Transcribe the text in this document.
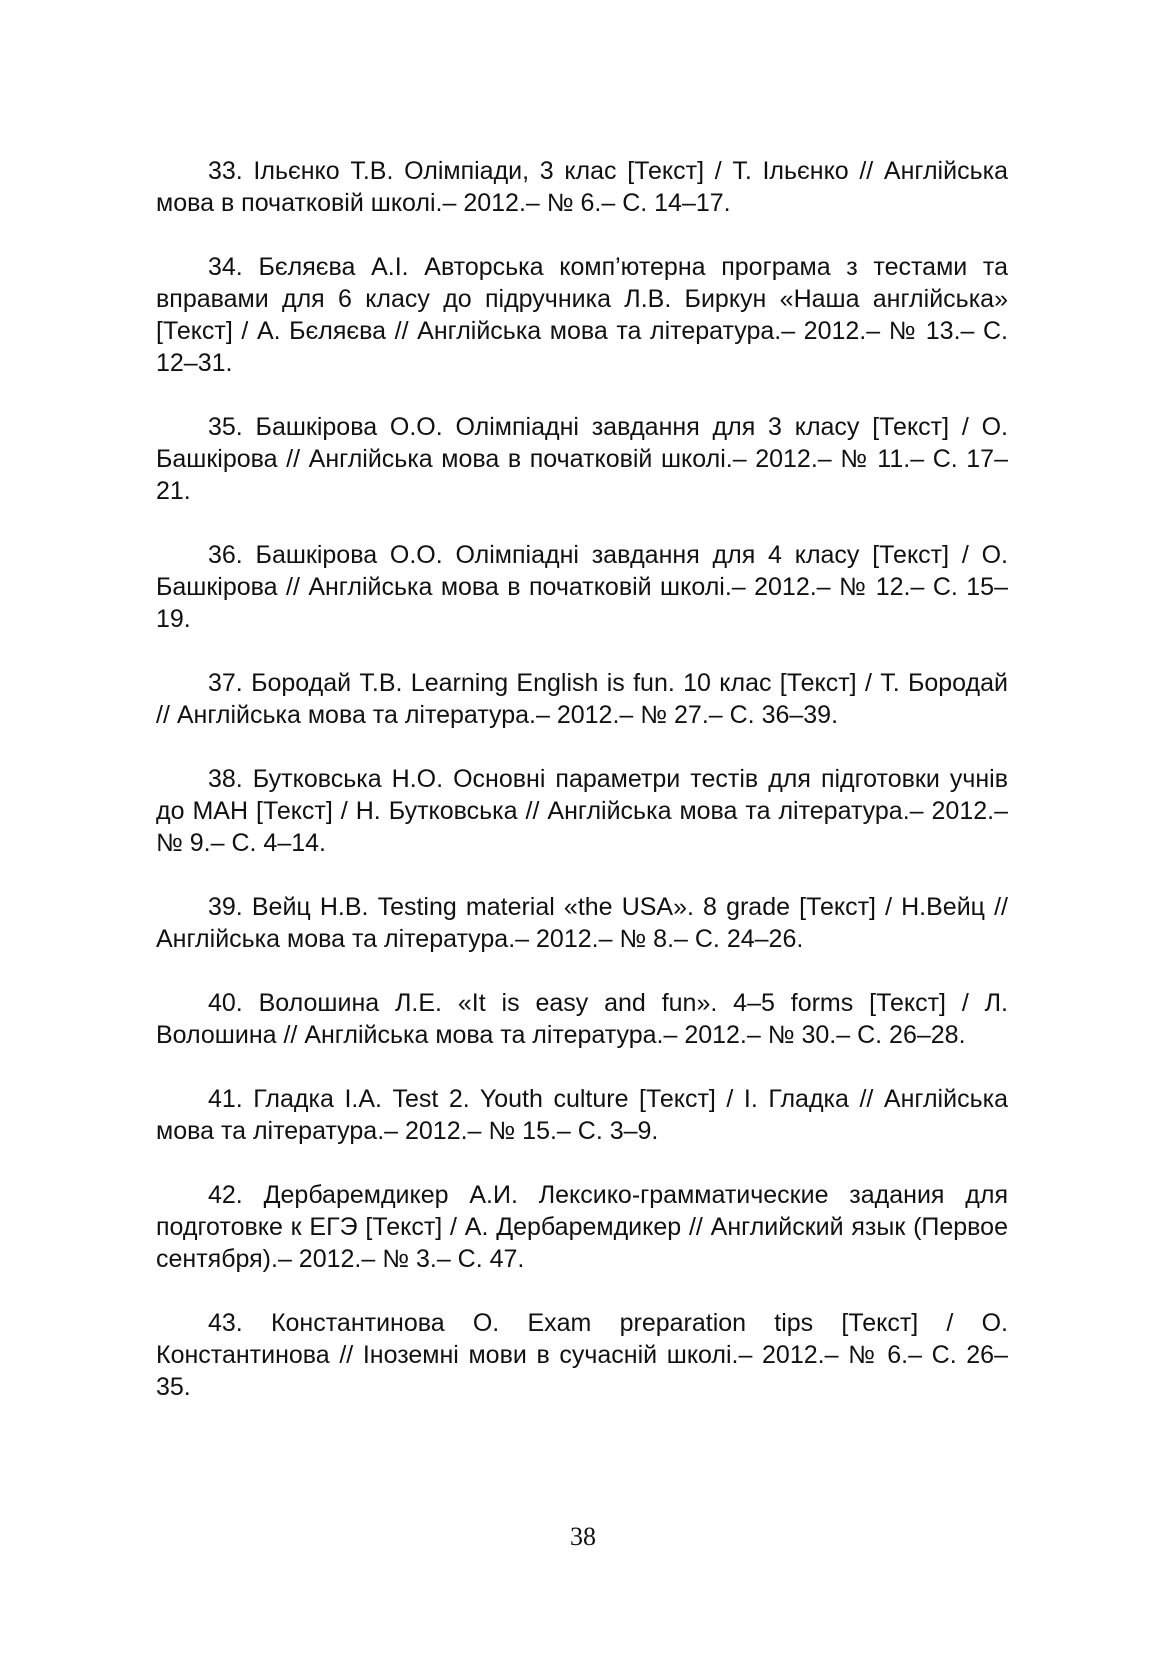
33. Ільєнко Т.В. Олімпіади, 3 клас [Текст] / Т. Ільєнко // Англійська мова в початковій школі.– 2012.– № 6.– С. 14–17.
34. Бєляєва А.І. Авторська комп’ютерна програма з тестами та вправами для 6 класу до підручника Л.В. Биркун «Наша англійська» [Текст] / А. Бєляєва // Англійська мова та література.– 2012.– № 13.– С. 12–31.
35. Башкірова О.О. Олімпіадні завдання для 3 класу [Текст] / О. Башкірова // Англійська мова в початковій школі.– 2012.– № 11.– С. 17–21.
36. Башкірова О.О. Олімпіадні завдання для 4 класу [Текст] / О. Башкірова // Англійська мова в початковій школі.– 2012.– № 12.– С. 15–19.
37. Бородай Т.В. Learning English is fun. 10 клас [Текст] / Т. Бородай // Англійська мова та література.– 2012.– № 27.– С. 36–39.
38. Бутковська Н.О. Основні параметри тестів для підготовки учнів до МАН [Текст] / Н. Бутковська // Англійська мова та література.– 2012.– № 9.– С. 4–14.
39. Вейц Н.В. Testing material «the USA». 8 grade [Текст] / Н.Вейц // Англійська мова та література.– 2012.– № 8.– С. 24–26.
40. Волошина Л.Е. «It is easy and fun». 4–5 forms [Текст] / Л. Волошина // Англійська мова та література.– 2012.– № 30.– С. 26–28.
41. Гладка І.А. Test 2. Youth culture [Текст] / І. Гладка // Англійська мова та література.– 2012.– № 15.– С. 3–9.
42. Дербаремдикер А.И. Лексико-грамматические задания для подготовке к ЕГЭ [Текст] / А. Дербаремдикер // Английский язык (Первое сентября).– 2012.– № 3.– С. 47.
43. Константинова О. Exam preparation tips [Текст] / О. Константинова // Іноземні мови в сучасній школі.– 2012.– № 6.– С. 26–35.
38
